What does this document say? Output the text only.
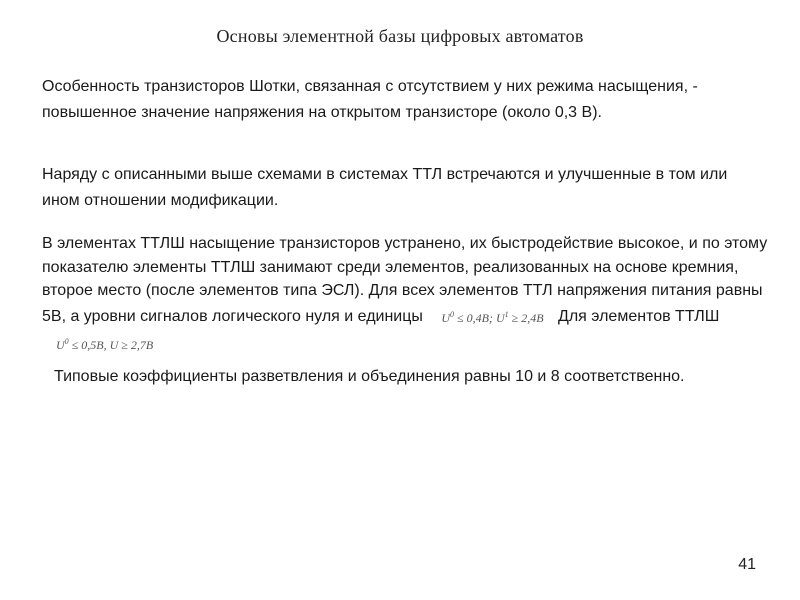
Основы элементной базы цифровых автоматов

Особенность транзисторов Шотки, связанная с отсутствием у них режима насыщения, - повышенное значение напряжения на открытом транзисторе (около 0,3 В).

Наряду с описанными выше схемами в системах ТТЛ встречаются и улучшенные в том или ином отношении модификации.

В элементах ТТЛШ насыщение транзисторов устранено, их быстродействие высокое, и по этому показателю элементы ТТЛШ занимают среди элементов, реализованных на основе кремния, второе место (после элементов типа ЭСЛ). Для всех элементов ТТЛ напряжения питания равны 5В, а уровни сигналов логического нуля и единицы $U^0 \le 0,4В$; $U^1 \ge 2,4В$ Для элементов ТТЛШ $U^0 \le 0,5В$, U ≥ 2,7В

Типовые коэффициенты разветвления и объединения равны 10 и 8 соответственно.

41
